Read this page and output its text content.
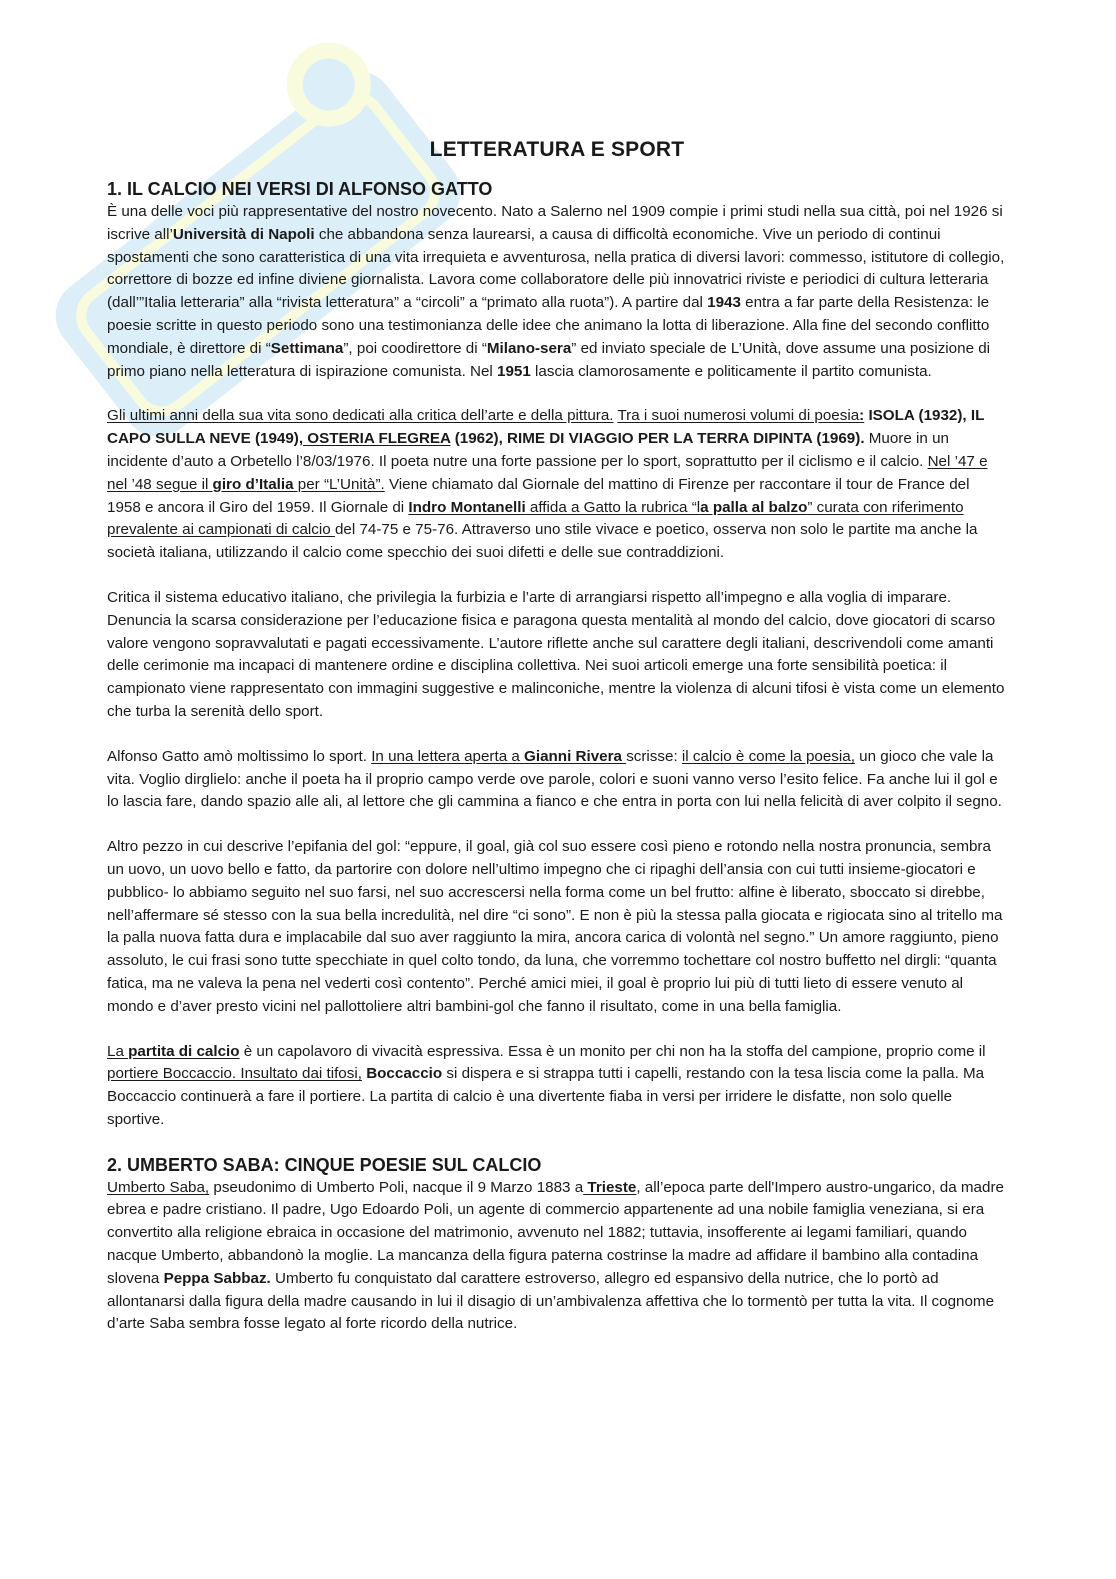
LETTERATURA E SPORT
1. IL CALCIO NEI VERSI DI ALFONSO GATTO

È una delle voci più rappresentative del nostro novecento. Nato a Salerno nel 1909 compie i primi studi nella sua città, poi nel 1926 si iscrive all’Università di Napoli che abbandona senza laurearsi, a causa di difficoltà economiche. Vive un periodo di continui spostamenti che sono caratteristica di una vita irrequieta e avventurosa, nella pratica di diversi lavori: commesso, istitutore di collegio, correttore di bozze ed infine diviene giornalista. Lavora come collaboratore delle più innovatrici riviste e periodici di cultura letteraria (dall’”Italia letteraria” alla “rivista letteratura” a “circoli” a “primato alla ruota”). A partire dal 1943 entra a far parte della Resistenza: le poesie scritte in questo periodo sono una testimonianza delle idee che animano la lotta di liberazione. Alla fine del secondo conflitto mondiale, è direttore di “Settimana”, poi coodirettore di “Milano-sera” ed inviato speciale de L’Unità, dove assume una posizione di primo piano nella letteratura di ispirazione comunista. Nel 1951 lascia clamorosamente e politicamente il partito comunista.

Gli ultimi anni della sua vita sono dedicati alla critica dell’arte e della pittura. Tra i suoi numerosi volumi di poesia: ISOLA (1932), IL CAPO SULLA NEVE (1949), OSTERIA FLEGREA (1962), RIME DI VIAGGIO PER LA TERRA DIPINTA (1969). Muore in un incidente d’auto a Orbetello l’8/03/1976. Il poeta nutre una forte passione per lo sport, soprattutto per il ciclismo e il calcio. Nel ’47 e nel ’48 segue il giro d’Italia per “L’Unità”. Viene chiamato dal Giornale del mattino di Firenze per raccontare il tour de France del 1958 e ancora il Giro del 1959. Il Giornale di Indro Montanelli affida a Gatto la rubrica “la palla al balzo” curata con riferimento prevalente ai campionati di calcio del 74-75 e 75-76. Attraverso uno stile vivace e poetico, osserva non solo le partite ma anche la società italiana, utilizzando il calcio come specchio dei suoi difetti e delle sue contraddizioni.

Critica il sistema educativo italiano, che privilegia la furbizia e l’arte di arrangiarsi rispetto all’impegno e alla voglia di imparare. Denuncia la scarsa considerazione per l’educazione fisica e paragona questa mentalità al mondo del calcio, dove giocatori di scarso valore vengono sopravvalutati e pagati eccessivamente. L’autore riflette anche sul carattere degli italiani, descrivendoli come amanti delle cerimonie ma incapaci di mantenere ordine e disciplina collettiva. Nei suoi articoli emerge una forte sensibilità poetica: il campionato viene rappresentato con immagini suggestive e malinconiche, mentre la violenza di alcuni tifosi è vista come un elemento che turba la serenità dello sport.

Alfonso Gatto amò moltissimo lo sport. In una lettera aperta a Gianni Rivera scrisse: il calcio è come la poesia, un gioco che vale la vita. Voglio dirglielo: anche il poeta ha il proprio campo verde ove parole, colori e suoni vanno verso l’esito felice. Fa anche lui il gol e lo lascia fare, dando spazio alle ali, al lettore che gli cammina a fianco e che entra in porta con lui nella felicità di aver colpito il segno.

Altro pezzo in cui descrive l’epifania del gol: “eppure, il goal, già col suo essere così pieno e rotondo nella nostra pronuncia, sembra un uovo, un uovo bello e fatto, da partorire con dolore nell’ultimo impegno che ci ripaghi dell’ansia con cui tutti insieme-giocatori e pubblico- lo abbiamo seguito nel suo farsi, nel suo accrescersi nella forma come un bel frutto: alfine è liberato, sboccato si direbbe, nell’affermare sé stesso con la sua bella incredulità, nel dire “ci sono”. E non è più la stessa palla giocata e rigiocata sino al tritello ma la palla nuova fatta dura e implacabile dal suo aver raggiunto la mira, ancora carica di volontà nel segno.” Un amore raggiunto, pieno assoluto, le cui frasi sono tutte specchiate in quel colto tondo, da luna, che vorremmo tochettare col nostro buffetto nel dirgli: “quanta fatica, ma ne valeva la pena nel vederti così contento”. Perché amici miei, il goal è proprio lui più di tutti lieto di essere venuto al mondo e d’aver presto vicini nel pallottoliere altri bambini-gol che fanno il risultato, come in una bella famiglia.

La partita di calcio è un capolavoro di vivacità espressiva. Essa è un monito per chi non ha la stoffa del campione, proprio come il portiere Boccaccio. Insultato dai tifosi, Boccaccio si dispera e si strappa tutti i capelli, restando con la tesa liscia come la palla. Ma Boccaccio continuerà a fare il portiere. La partita di calcio è una divertente fiaba in versi per irridere le disfatte, non solo quelle sportive.

2. UMBERTO SABA: CINQUE POESIE SUL CALCIO

Umberto Saba, pseudonimo di Umberto Poli, nacque il 9 Marzo 1883 a Trieste, all’epoca parte dell'Impero austro-ungarico, da madre ebrea e padre cristiano. Il padre, Ugo Edoardo Poli, un agente di commercio appartenente ad una nobile famiglia veneziana, si era convertito alla religione ebraica in occasione del matrimonio, avvenuto nel 1882; tuttavia, insofferente ai legami familiari, quando nacque Umberto, abbandonò la moglie. La mancanza della figura paterna costrinse la madre ad affidare il bambino alla contadina slovena Peppa Sabbaz. Umberto fu conquistato dal carattere estroverso, allegro ed espansivo della nutrice, che lo portò ad allontanarsi dalla figura della madre causando in lui il disagio di un’ambivalenza affettiva che lo tormentò per tutta la vita. Il cognome d’arte Saba sembra fosse legato al forte ricordo della nutrice.
